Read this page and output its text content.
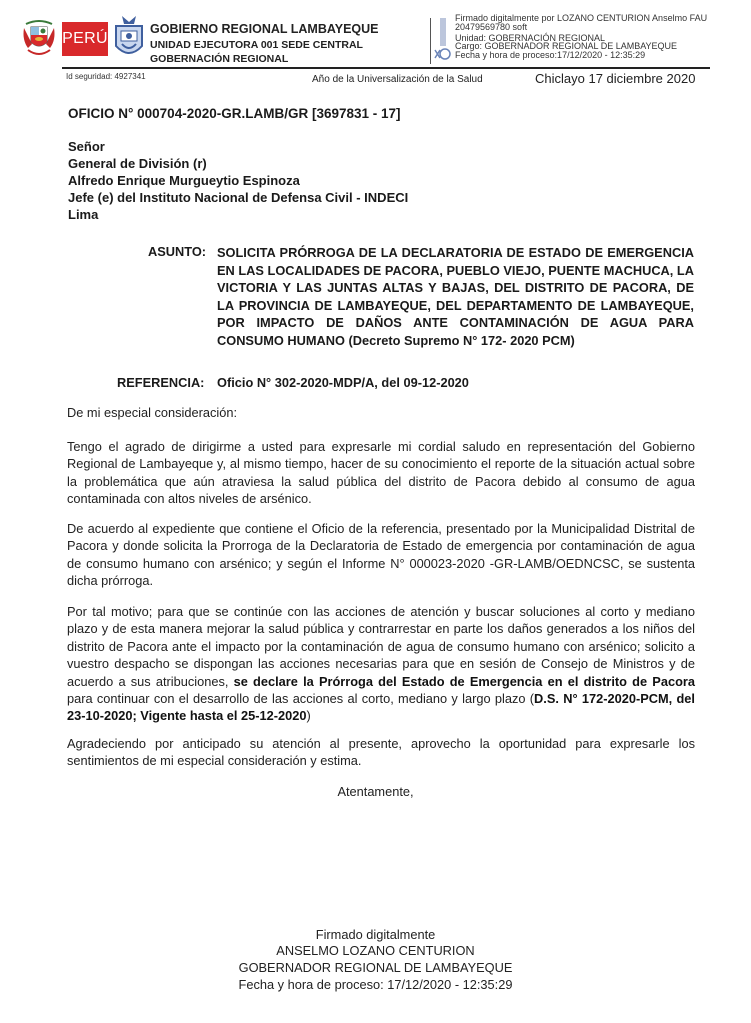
PERÚ
GOBIERNO REGIONAL LAMBAYEQUE
UNIDAD EJECUTORA 001 SEDE CENTRAL
GOBERNACIÓN REGIONAL
Firmado digitalmente por LOZANO CENTURION Anselmo FAU
20479569780 soft
Unidad: GOBERNACIÓN REGIONAL
Cargo: GOBERNADOR REGIONAL DE LAMBAYEQUE
Fecha y hora de proceso:17/12/2020 - 12:35:29
Id seguridad: 4927341	Año de la Universalización de la Salud	Chiclayo 17 diciembre 2020
OFICIO N° 000704-2020-GR.LAMB/GR [3697831 - 17]
Señor
General de División (r)
Alfredo Enrique Murgueytio Espinoza
Jefe (e) del Instituto Nacional de Defensa Civil - INDECI
Lima
ASUNTO: SOLICITA PRÓRROGA DE LA DECLARATORIA DE ESTADO DE EMERGENCIA EN LAS LOCALIDADES DE PACORA, PUEBLO VIEJO, PUENTE MACHUCA, LA VICTORIA Y LAS JUNTAS ALTAS Y BAJAS, DEL DISTRITO DE PACORA, DE LA PROVINCIA DE LAMBAYEQUE, DEL DEPARTAMENTO DE LAMBAYEQUE, POR IMPACTO DE DAÑOS ANTE CONTAMINACIÓN DE AGUA PARA CONSUMO HUMANO (Decreto Supremo N° 172- 2020 PCM)
REFERENCIA: Oficio N° 302-2020-MDP/A, del 09-12-2020
De mi especial consideración:
Tengo el agrado de dirigirme a usted para expresarle mi cordial saludo en representación del Gobierno Regional de Lambayeque y, al mismo tiempo, hacer de su conocimiento el reporte de la situación actual sobre la problemática que aún atraviesa la salud pública del distrito de Pacora debido al consumo de agua contaminada con altos niveles de arsénico.
De acuerdo al expediente que contiene el Oficio de la referencia, presentado por la Municipalidad Distrital de Pacora y donde solicita la Prorroga de la Declaratoria de Estado de emergencia por contaminación de agua de consumo humano con arsénico; y según el Informe N° 000023-2020 -GR-LAMB/OEDNCSC, se sustenta dicha prórroga.
Por tal motivo; para que se continúe con las acciones de atención y buscar soluciones al corto y mediano plazo y de esta manera mejorar la salud pública y contrarrestar en parte los daños generados a los niños del distrito de Pacora ante el impacto por la contaminación de agua de consumo humano con arsénico; solicito a vuestro despacho se dispongan las acciones necesarias para que en sesión de Consejo de Ministros y de acuerdo a sus atribuciones, se declare la Prórroga del Estado de Emergencia en el distrito de Pacora para continuar con el desarrollo de las acciones al corto, mediano y largo plazo (D.S. N° 172-2020-PCM, del 23-10-2020; Vigente hasta el 25-12-2020)
Agradeciendo por anticipado su atención al presente, aprovecho la oportunidad para expresarle los sentimientos de mi especial consideración y estima.
Atentamente,
Firmado digitalmente
ANSELMO LOZANO CENTURION
GOBERNADOR REGIONAL DE LAMBAYEQUE
Fecha y hora de proceso: 17/12/2020 - 12:35:29
